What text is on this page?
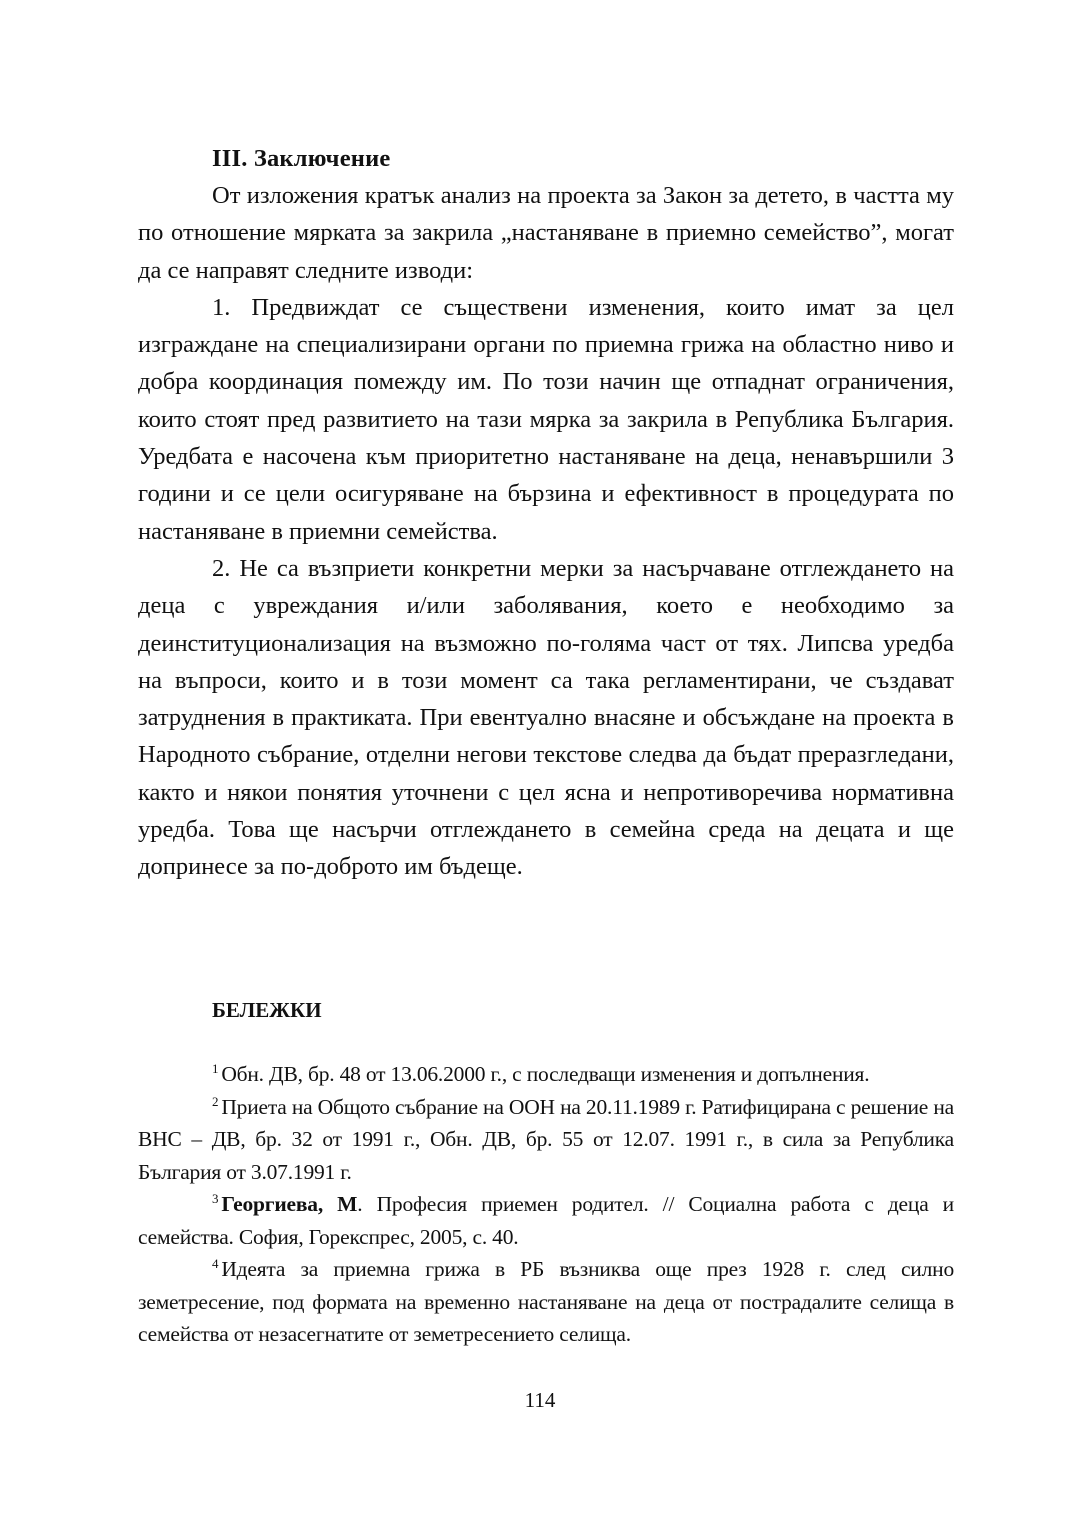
III. Заключение

От изложения кратък анализ на проекта за Закон за детето, в частта му по отношение мярката за закрила „настаняване в приемно семейство”, могат да се направят следните изводи:

1. Предвиждат се съществени изменения, които имат за цел изграждане на специализирани органи по приемна грижа на областно ниво и добра координация помежду им. По този начин ще отпаднат ограничения, които стоят пред развитието на тази мярка за закрила в Република България. Уредбата е насочена към приоритетно настаняване на деца, ненавършили 3 години и се цели осигуряване на бързина и ефективност в процедурата по настаняване в приемни семейства.

2. Не са възприети конкретни мерки за насърчаване отглеждането на деца с увреждания и/или заболявания, което е необходимо за деинституционализация на възможно по-голяма част от тях. Липсва уредба на въпроси, които и в този момент са така регламентирани, че създават затруднения в практиката. При евентуално внасяне и обсъждане на проекта в Народното събрание, отделни негови текстове следва да бъдат преразгледани, както и някои понятия уточнени с цел ясна и непротиворечива нормативна уредба. Това ще насърчи отглеждането в семейна среда на децата и ще допринесе за по-доброто им бъдеще.

БЕЛЕЖКИ

$^1$ Обн. ДВ, бр. 48 от 13.06.2000 г., с последващи изменения и допълнения.

$^2$ Приета на Общото събрание на ООН на 20.11.1989 г. Ратифицирана с решение на ВНС – ДВ, бр. 32 от 1991 г., Обн. ДВ, бр. 55 от 12.07. 1991 г., в сила за Република България от 3.07.1991 г.

$^3$ Георгиева, М. Професия приемен родител. // Социална работа с деца и семейства. София, Горекспрес, 2005, с. 40.

$^4$ Идеята за приемна грижа в РБ възниква още през 1928 г. след силно земетресение, под формата на временно настаняване на деца от пострадалите селища в семейства от незасегнатите от земетресението селища.

114
